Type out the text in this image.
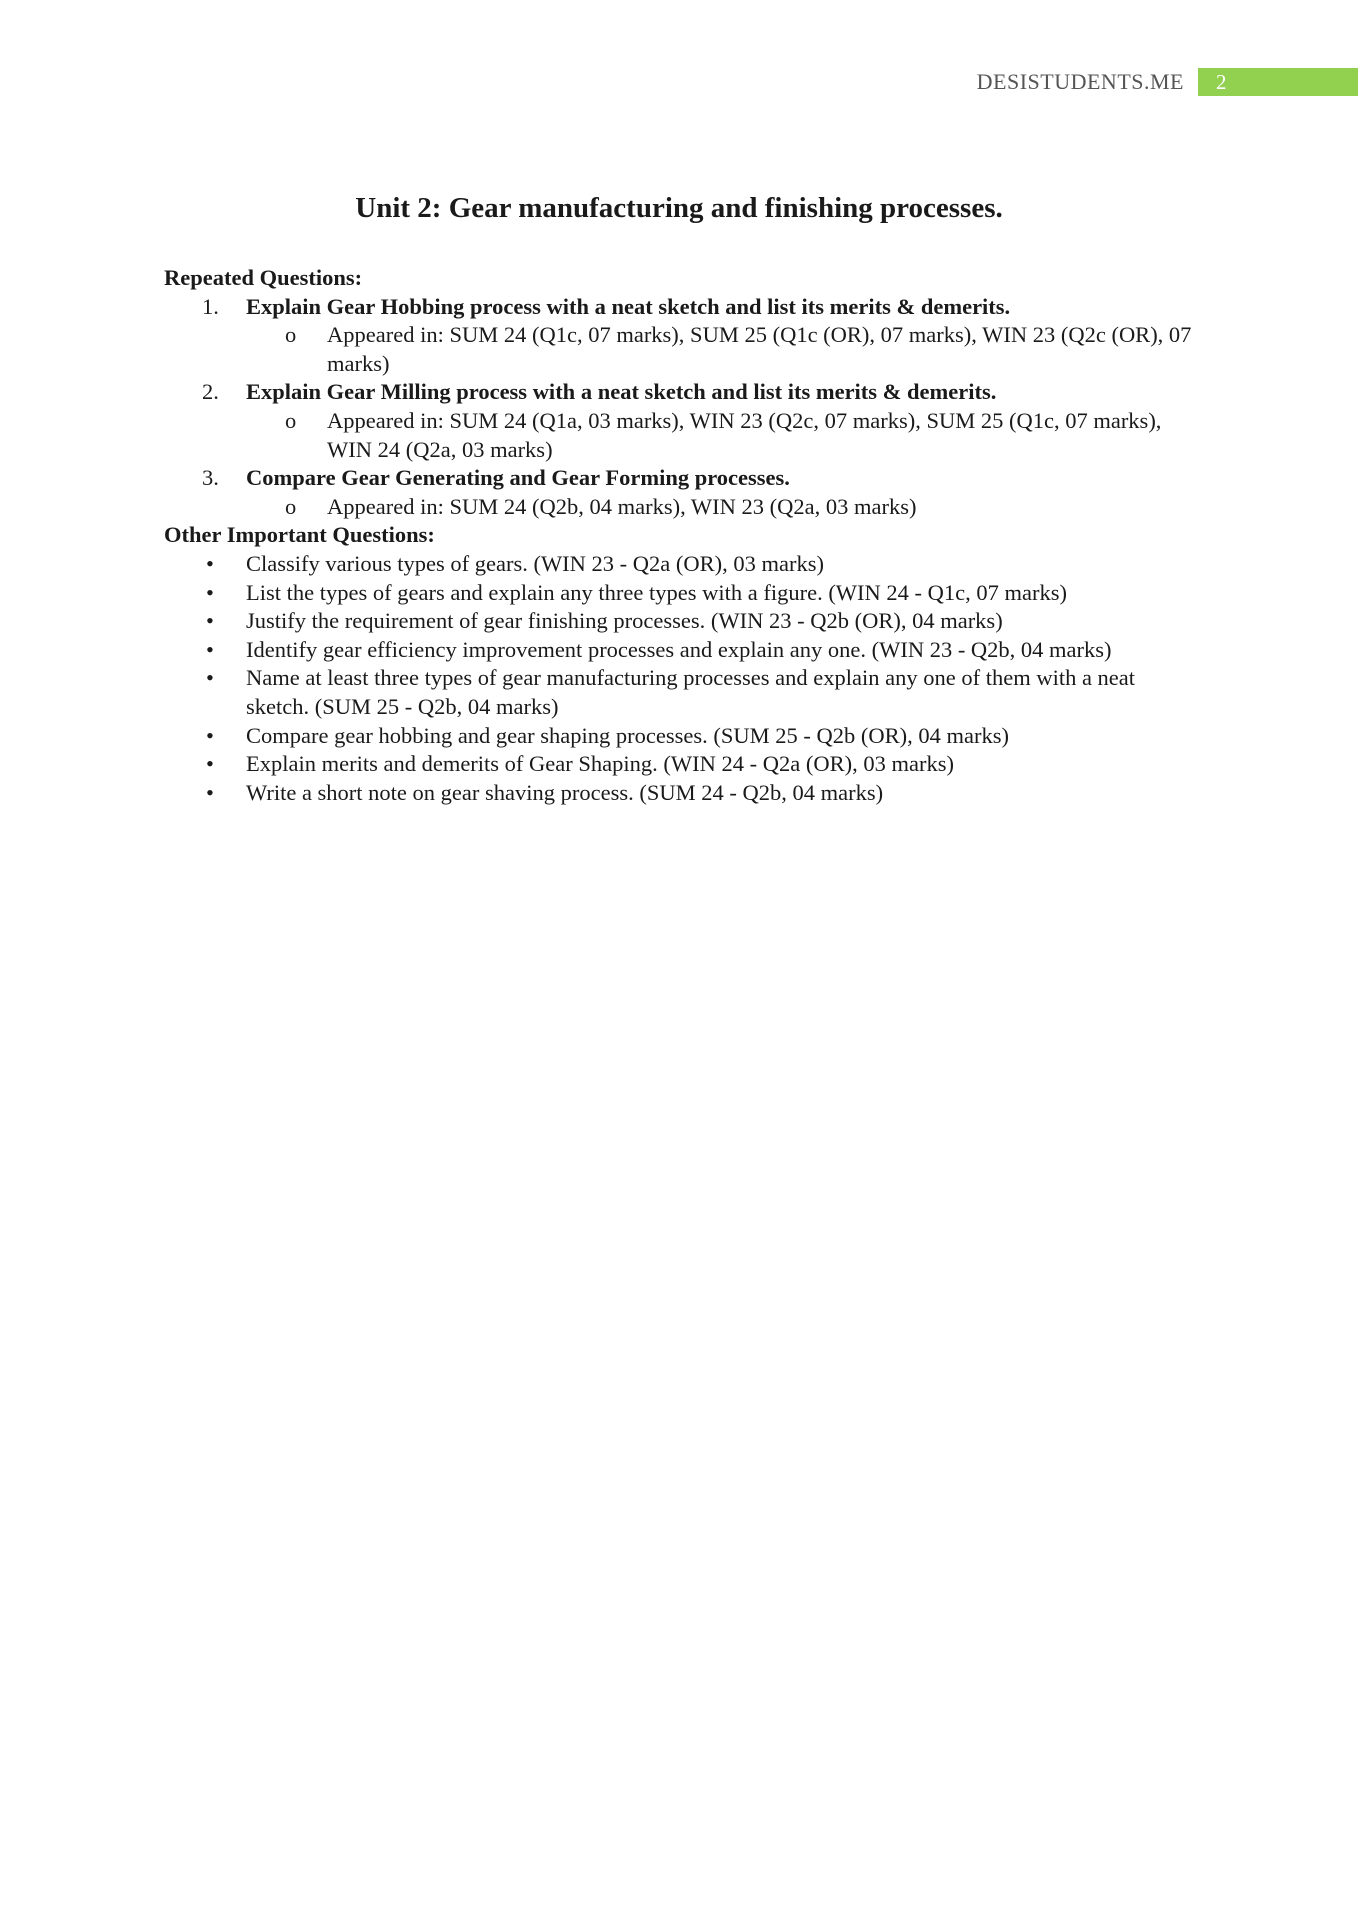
DESISTUDENTS.ME 2
Unit 2: Gear manufacturing and finishing processes.
Repeated Questions:
1. Explain Gear Hobbing process with a neat sketch and list its merits & demerits.
o Appeared in: SUM 24 (Q1c, 07 marks), SUM 25 (Q1c (OR), 07 marks), WIN 23 (Q2c (OR), 07 marks)
2. Explain Gear Milling process with a neat sketch and list its merits & demerits.
o Appeared in: SUM 24 (Q1a, 03 marks), WIN 23 (Q2c, 07 marks), SUM 25 (Q1c, 07 marks), WIN 24 (Q2a, 03 marks)
3. Compare Gear Generating and Gear Forming processes.
o Appeared in: SUM 24 (Q2b, 04 marks), WIN 23 (Q2a, 03 marks)
Other Important Questions:
• Classify various types of gears. (WIN 23 - Q2a (OR), 03 marks)
• List the types of gears and explain any three types with a figure. (WIN 24 - Q1c, 07 marks)
• Justify the requirement of gear finishing processes. (WIN 23 - Q2b (OR), 04 marks)
• Identify gear efficiency improvement processes and explain any one. (WIN 23 - Q2b, 04 marks)
• Name at least three types of gear manufacturing processes and explain any one of them with a neat sketch. (SUM 25 - Q2b, 04 marks)
• Compare gear hobbing and gear shaping processes. (SUM 25 - Q2b (OR), 04 marks)
• Explain merits and demerits of Gear Shaping. (WIN 24 - Q2a (OR), 03 marks)
• Write a short note on gear shaving process. (SUM 24 - Q2b, 04 marks)
